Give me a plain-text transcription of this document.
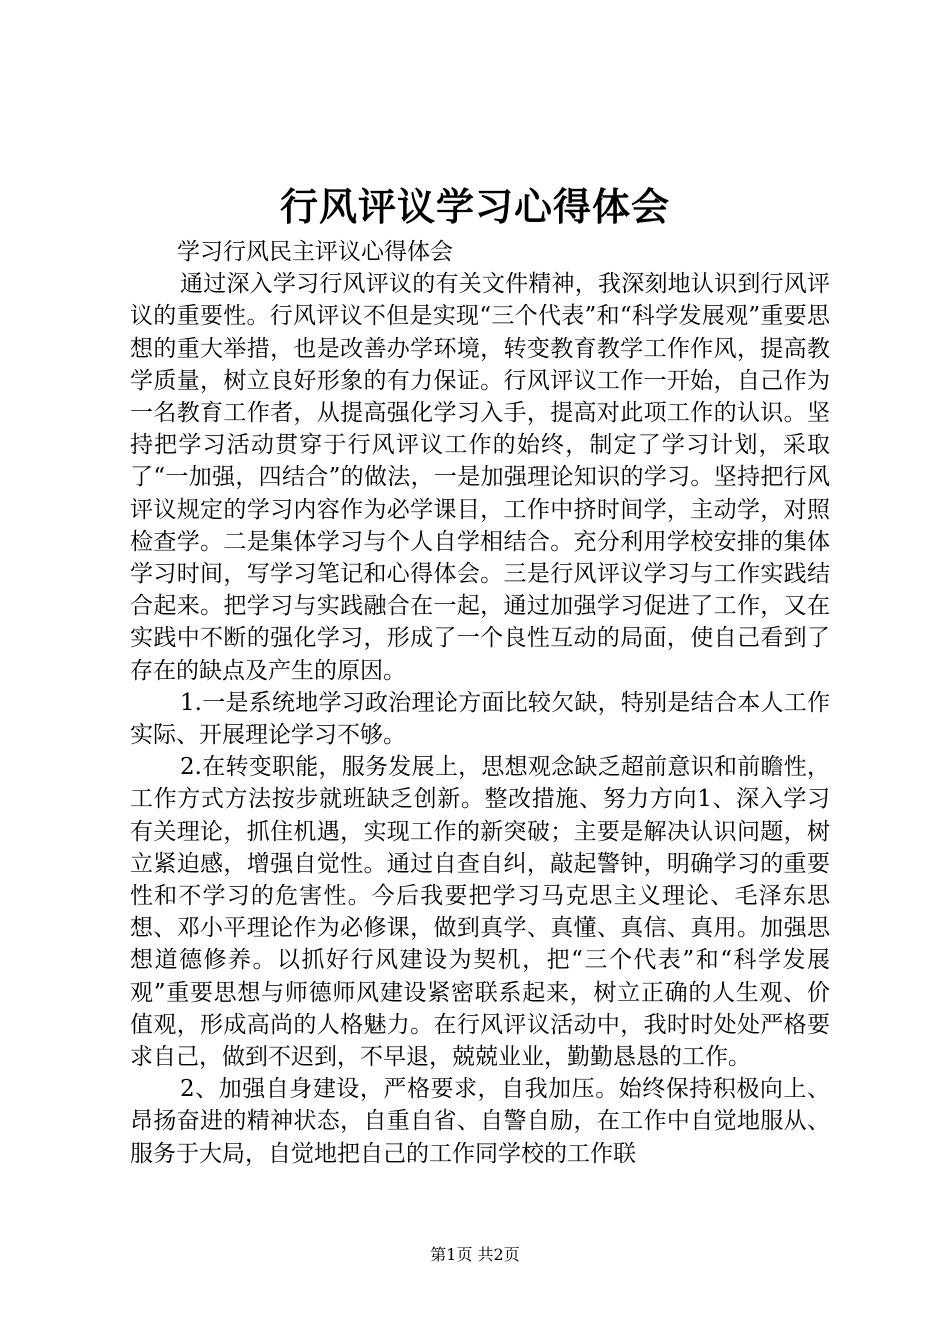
行风评议学习心得体会

学习行风民主评议心得体会

通过深入学习行风评议的有关文件精神，我深刻地认识到行风评议的重要性。行风评议不但是实现“三个代表”和“科学发展观”重要思想的重大举措，也是改善办学环境，转变教育教学工作作风，提高教学质量，树立良好形象的有力保证。行风评议工作一开始，自己作为一名教育工作者，从提高强化学习入手，提高对此项工作的认识。坚持把学习活动贯穿于行风评议工作的始终，制定了学习计划，采取了“一加强，四结合”的做法，一是加强理论知识的学习。坚持把行风评议规定的学习内容作为必学课目，工作中挤时间学，主动学，对照检查学。二是集体学习与个人自学相结合。充分利用学校安排的集体学习时间，写学习笔记和心得体会。三是行风评议学习与工作实践结合起来。把学习与实践融合在一起，通过加强学习促进了工作，又在实践中不断的强化学习，形成了一个良性互动的局面，使自己看到了存在的缺点及产生的原因。

1.一是系统地学习政治理论方面比较欠缺，特别是结合本人工作实际、开展理论学习不够。

2.在转变职能，服务发展上，思想观念缺乏超前意识和前瞻性，工作方式方法按步就班缺乏创新。整改措施、努力方向1、深入学习有关理论，抓住机遇，实现工作的新突破；主要是解决认识问题，树立紧迫感，增强自觉性。通过自查自纠，敲起警钟，明确学习的重要性和不学习的危害性。今后我要把学习马克思主义理论、毛泽东思想、邓小平理论作为必修课，做到真学、真懂、真信、真用。加强思想道德修养。以抓好行风建设为契机，把“三个代表”和“科学发展观”重要思想与师德师风建设紧密联系起来，树立正确的人生观、价值观，形成高尚的人格魅力。在行风评议活动中，我时时处处严格要求自己，做到不迟到，不早退，兢兢业业，勤勤恳恳的工作。

2、加强自身建设，严格要求，自我加压。始终保持积极向上、昂扬奋进的精神状态，自重自省、自警自励，在工作中自觉地服从、服务于大局，自觉地把自己的工作同学校的工作联

第1页 共2页
